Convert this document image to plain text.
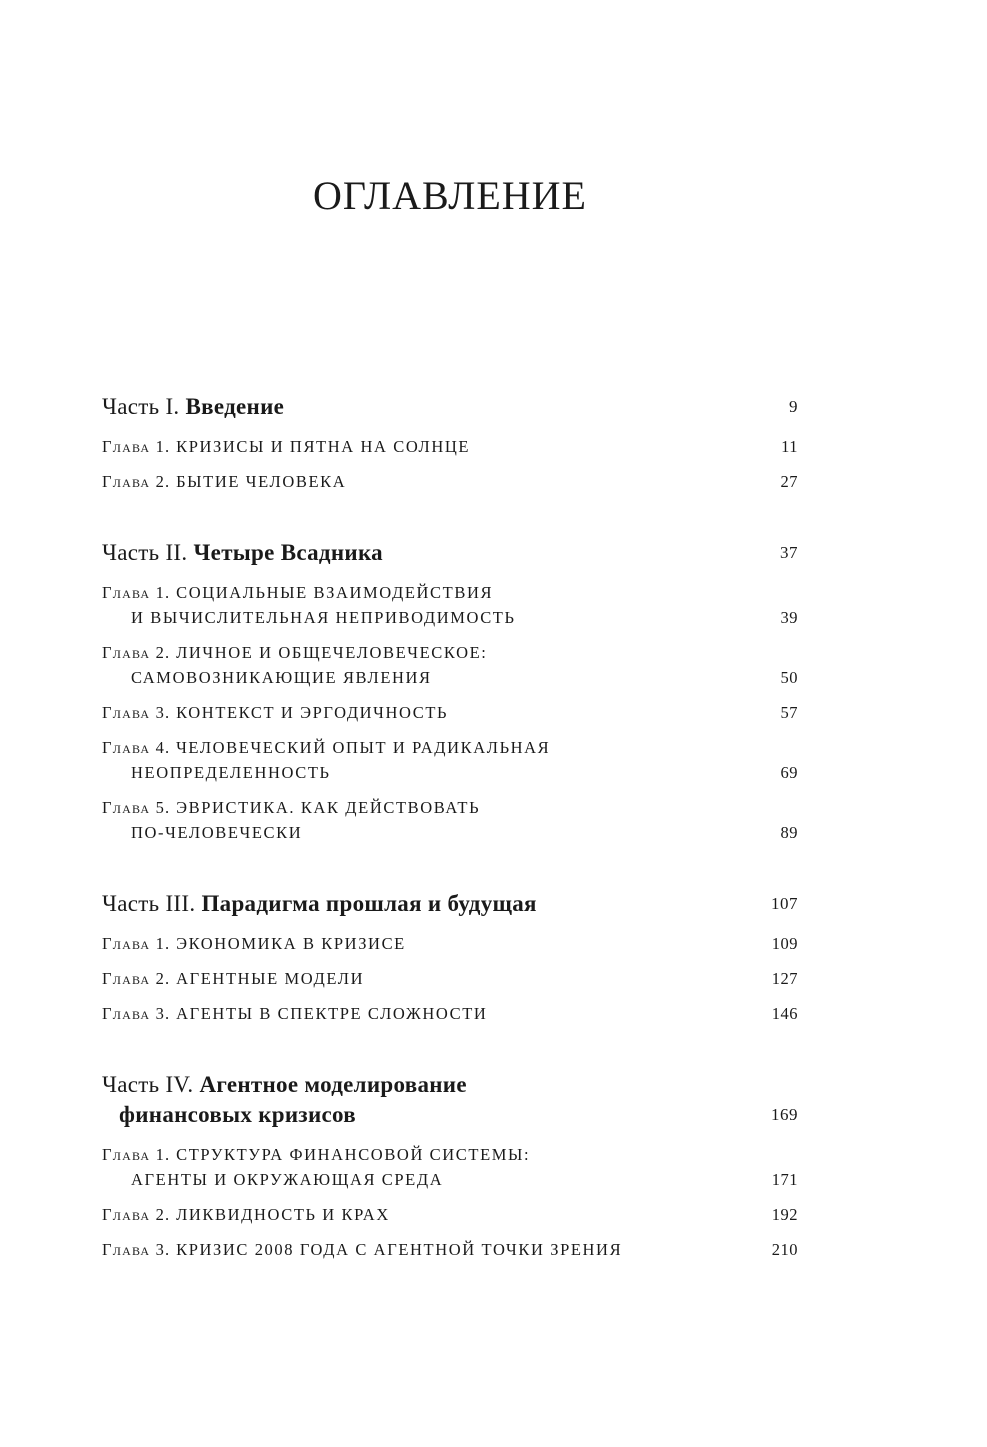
ОГЛАВЛЕНИЕ
Часть I. Введение	9
Глава 1. КРИЗИСЫ И ПЯТНА НА СОЛНЦЕ	11
Глава 2. БЫТИЕ ЧЕЛОВЕКА	27
Часть II. Четыре Всадника	37
Глава 1. СОЦИАЛЬНЫЕ ВЗАИМОДЕЙСТВИЯ
И ВЫЧИСЛИТЕЛЬНАЯ НЕПРИВОДИМОСТЬ	39
Глава 2. ЛИЧНОЕ И ОБЩЕЧЕЛОВЕЧЕСКОЕ:
САМОВОЗНИКАЮЩИЕ ЯВЛЕНИЯ	50
Глава 3. КОНТЕКСТ И ЭРГОДИЧНОСТЬ	57
Глава 4. ЧЕЛОВЕЧЕСКИЙ ОПЫТ И РАДИКАЛЬНАЯ
НЕОПРЕДЕЛЕННОСТЬ	69
Глава 5. ЭВРИСТИКА. КАК ДЕЙСТВОВАТЬ
ПО-ЧЕЛОВЕЧЕСКИ	89
Часть III. Парадигма прошлая и будущая	107
Глава 1. ЭКОНОМИКА В КРИЗИСЕ	109
Глава 2. АГЕНТНЫЕ МОДЕЛИ	127
Глава 3. АГЕНТЫ В СПЕКТРЕ СЛОЖНОСТИ	146
Часть IV. Агентное моделирование
финансовых кризисов	169
Глава 1. СТРУКТУРА ФИНАНСОВОЙ СИСТЕМЫ:
АГЕНТЫ И ОКРУЖАЮЩАЯ СРЕДА	171
Глава 2. ЛИКВИДНОСТЬ И КРАХ	192
Глава 3. КРИЗИС 2008 ГОДА С АГЕНТНОЙ ТОЧКИ ЗРЕНИЯ	210
